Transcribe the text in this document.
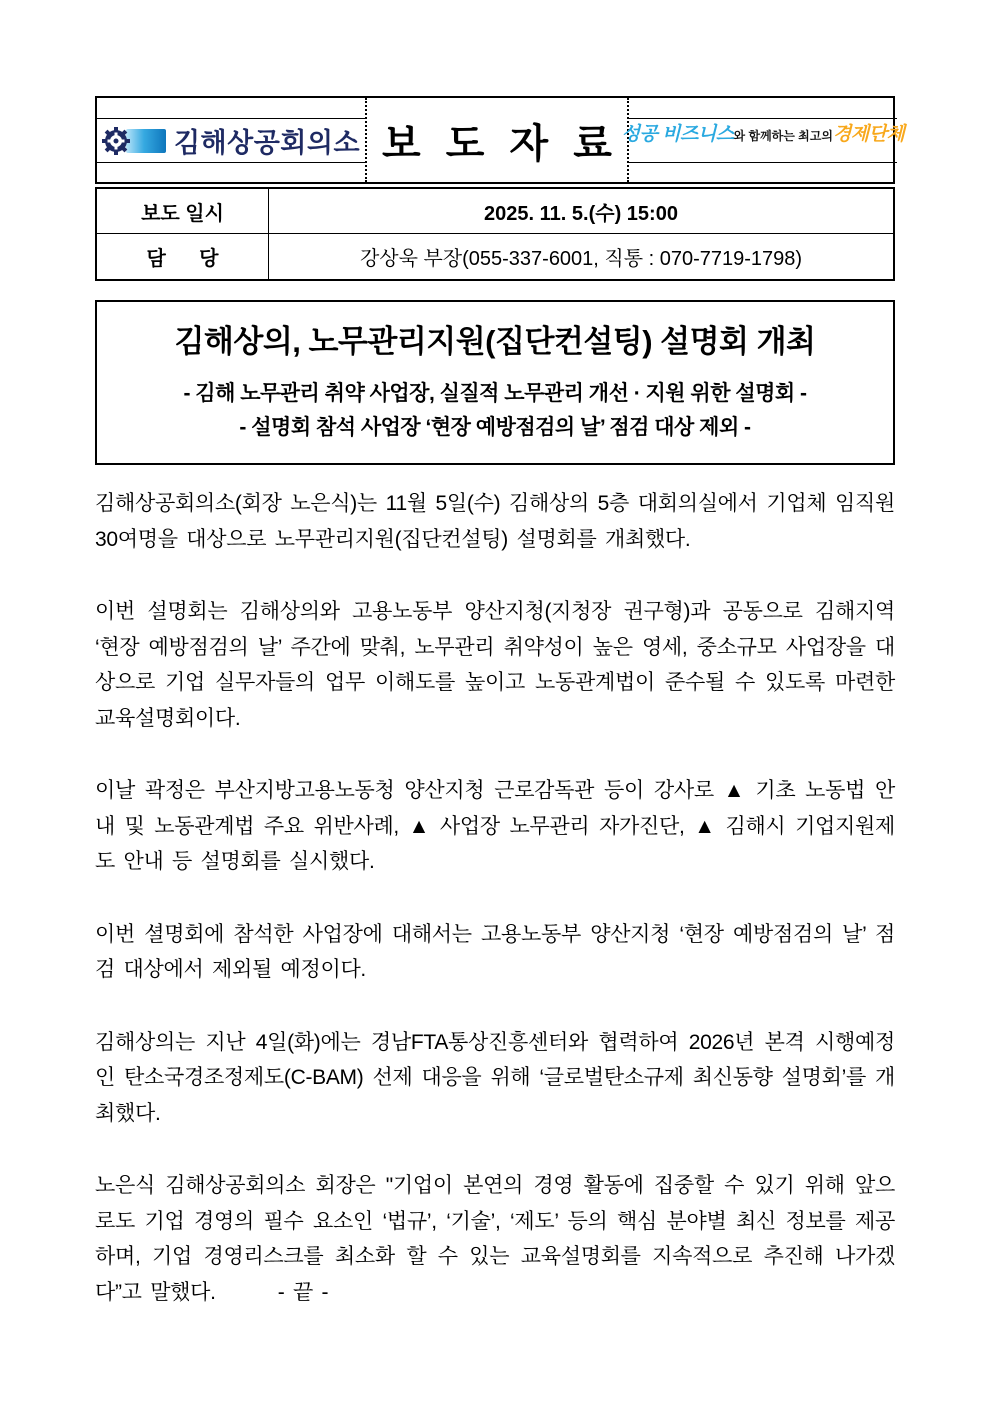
김해상공회의소 보 도 자 료 성공 비즈니스 와 함께하는 최고의 경제단체
보도 일시	2025. 11. 5.(수) 15:00
담      당	강상욱 부장(055-337-6001, 직통 : 070-7719-1798)
김해상의, 노무관리지원(집단컨설팅) 설명회 개최
- 김해 노무관리 취약 사업장, 실질적 노무관리 개선 · 지원 위한 설명회 -
- 설명회 참석 사업장 ‘현장 예방점검의 날’ 점검 대상 제외 -

김해상공회의소(회장 노은식)는 11월 5일(수) 김해상의 5층 대회의실에서 기업체 임직원 30여명을 대상으로 노무관리지원(집단컨설팅) 설명회를 개최했다.

이번 설명회는 김해상의와 고용노동부 양산지청(지청장 권구형)과 공동으로 김해지역 ‘현장 예방점검의 날’ 주간에 맞춰, 노무관리 취약성이 높은 영세, 중소규모 사업장을 대상으로 기업 실무자들의 업무 이해도를 높이고 노동관계법이 준수될 수 있도록 마련한 교육설명회이다.

이날 곽정은 부산지방고용노동청 양산지청 근로감독관 등이 강사로 ▲ 기초 노동법 안내 및 노동관계법 주요 위반사례, ▲ 사업장 노무관리 자가진단, ▲ 김해시 기업지원제도 안내 등 설명회를 실시했다.

이번 셜명회에 참석한 사업장에 대해서는 고용노동부 양산지청 ‘현장 예방점검의 날’ 점검 대상에서 제외될 예정이다.

김해상의는 지난 4일(화)에는 경남FTA통상진흥센터와 협력하여 2026년 본격 시행예정인 탄소국경조정제도(C-BAM) 선제 대응을 위해 ‘글로벌탄소규제 최신동향 설명회’를 개최했다.

노은식 김해상공회의소 회장은 "기업이 본연의 경영 활동에 집중할 수 있기 위해 앞으로도 기업 경영의 필수 요소인 ‘법규’, ‘기술’, ‘제도’ 등의 핵심 분야별 최신 정보를 제공하며, 기업 경영리스크를 최소화 할 수 있는 교육설명회를 지속적으로 추진해 나가겠다”고 말했다.　　　- 끝 -
